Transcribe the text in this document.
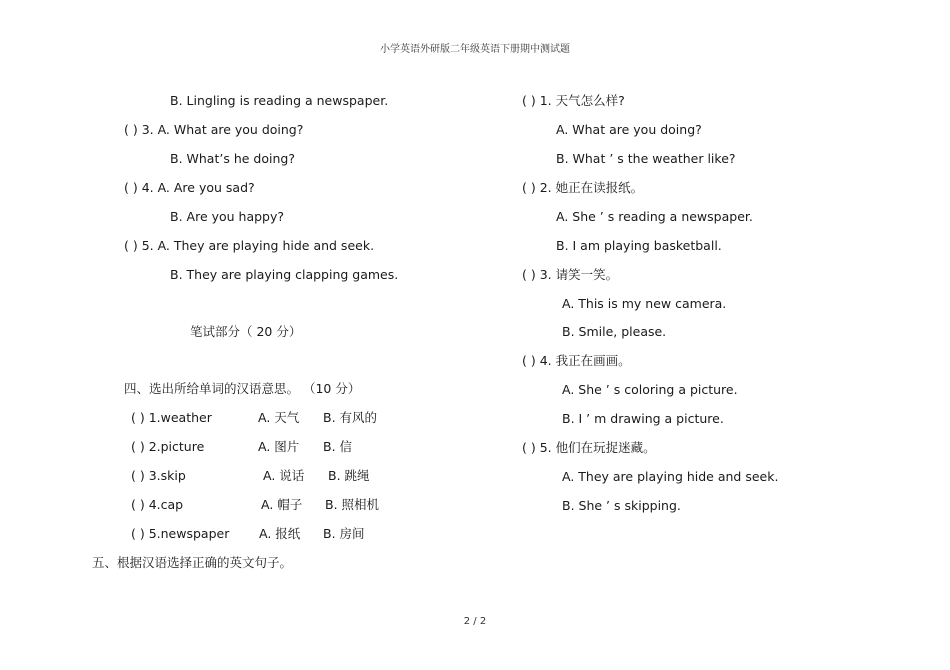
小学英语外研版二年级英语下册期中测试题
B. Lingling is reading a newspaper.
( ) 3. A. What are you doing?
B. What’s he doing?
( ) 4. A. Are you sad?
B. Are you happy?
( ) 5. A. They are playing hide and seek.
B. They are playing clapping games.
笔试部分（ 20 分）
四、选出所给单词的汉语意思。 （10 分）
( ) 1.weather	A. 天气 B. 有风的
( ) 2.picture	A. 图片 B. 信
( ) 3.skip	A. 说话 B. 跳绳
( ) 4.cap	A. 帽子 B. 照相机
( ) 5.newspaper A. 报纸 B. 房间
五、根据汉语选择正确的英文句子。
( ) 1. 天气怎么样?
A. What are you doing?
B. What ’ s the weather like?
( ) 2. 她正在读报纸。
A. She ’ s reading a newspaper.
B. I am playing basketball.
( ) 3. 请笑一笑。
A. This is my new camera.
B. Smile, please.
( ) 4. 我正在画画。
A. She ’ s coloring a picture.
B. I ’ m drawing a picture.
( ) 5. 他们在玩捉迷藏。
A. They are playing hide and seek.
B. She ’ s skipping.
2 / 2
